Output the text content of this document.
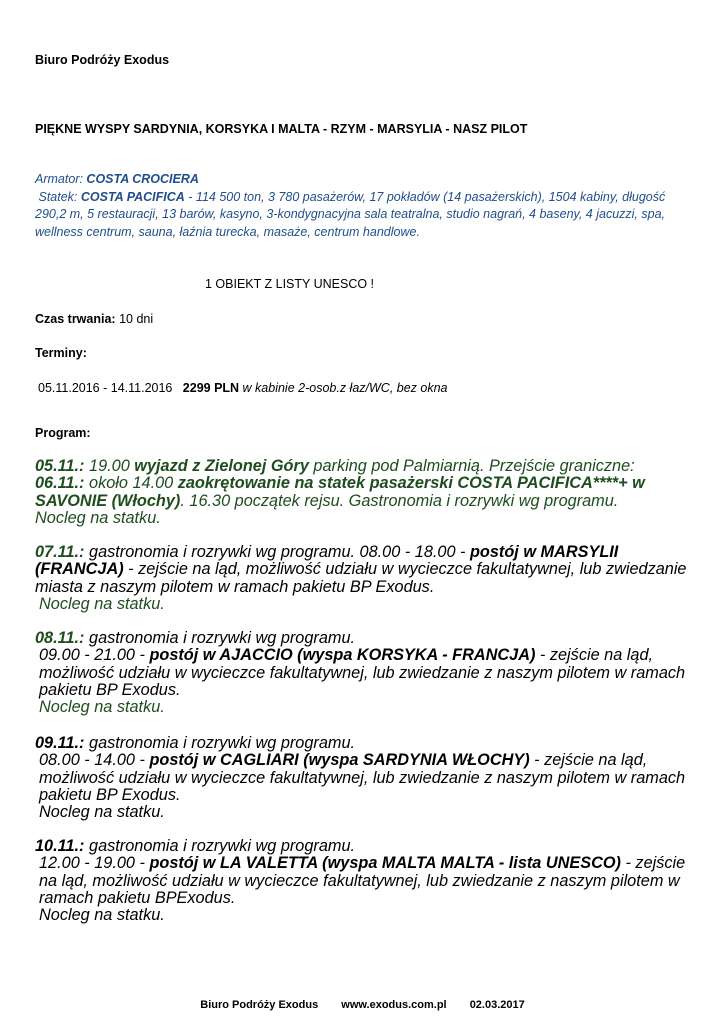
Biuro Podróży Exodus
PIĘKNE WYSPY SARDYNIA, KORSYKA I MALTA - RZYM - MARSYLIA - NASZ PILOT
Armator: COSTA CROCIERA
Statek: COSTA PACIFICA - 114 500 ton, 3 780 pasażerów, 17 pokładów (14 pasażerskich), 1504 kabiny, długość 290,2 m, 5 restauracji, 13 barów, kasyno, 3-kondygnacyjna sala teatralna, studio nagrań, 4 baseny, 4 jacuzzi, spa, wellness centrum, sauna, łaźnia turecka, masaże, centrum handlowe.
1 OBIEKT Z LISTY UNESCO !
Czas trwania: 10 dni
Terminy:
05.11.2016 - 14.11.2016 2299 PLN w kabinie 2-osob.z łaz/WC, bez okna
Program:
05.11.: 19.00 wyjazd z Zielonej Góry parking pod Palmiarnią. Przejście graniczne:
06.11.: około 14.00 zaokrętowanie na statek pasażerski COSTA PACIFICA****+ w SAVONIE (Włochy). 16.30 początek rejsu. Gastronomia i rozrywki wg programu.
Nocleg na statku.
07.11.: gastronomia i rozrywki wg programu. 08.00 - 18.00 - postój w MARSYLII (FRANCJA) - zejście na ląd, możliwość udziału w wycieczce fakultatywnej, lub zwiedzanie miasta z naszym pilotem w ramach pakietu BP Exodus.
Nocleg na statku.
08.11.: gastronomia i rozrywki wg programu.
09.00 - 21.00 - postój w AJACCIO (wyspa KORSYKA - FRANCJA) - zejście na ląd, możliwość udziału w wycieczce fakultatywnej, lub zwiedzanie z naszym pilotem w ramach pakietu BP Exodus.
Nocleg na statku.
09.11.: gastronomia i rozrywki wg programu.
08.00 - 14.00 - postój w CAGLIARI (wyspa SARDYNIA WŁOCHY) - zejście na ląd, możliwość udziału w wycieczce fakultatywnej, lub zwiedzanie z naszym pilotem w ramach pakietu BP Exodus.
Nocleg na statku.
10.11.: gastronomia i rozrywki wg programu.
12.00 - 19.00 - postój w LA VALETTA (wyspa MALTA MALTA - lista UNESCO) - zejście na ląd, możliwość udziału w wycieczce fakultatywnej, lub zwiedzanie z naszym pilotem w ramach pakietu BPExodus.
Nocleg na statku.
Biuro Podróży Exodus www.exodus.com.pl 02.03.2017
